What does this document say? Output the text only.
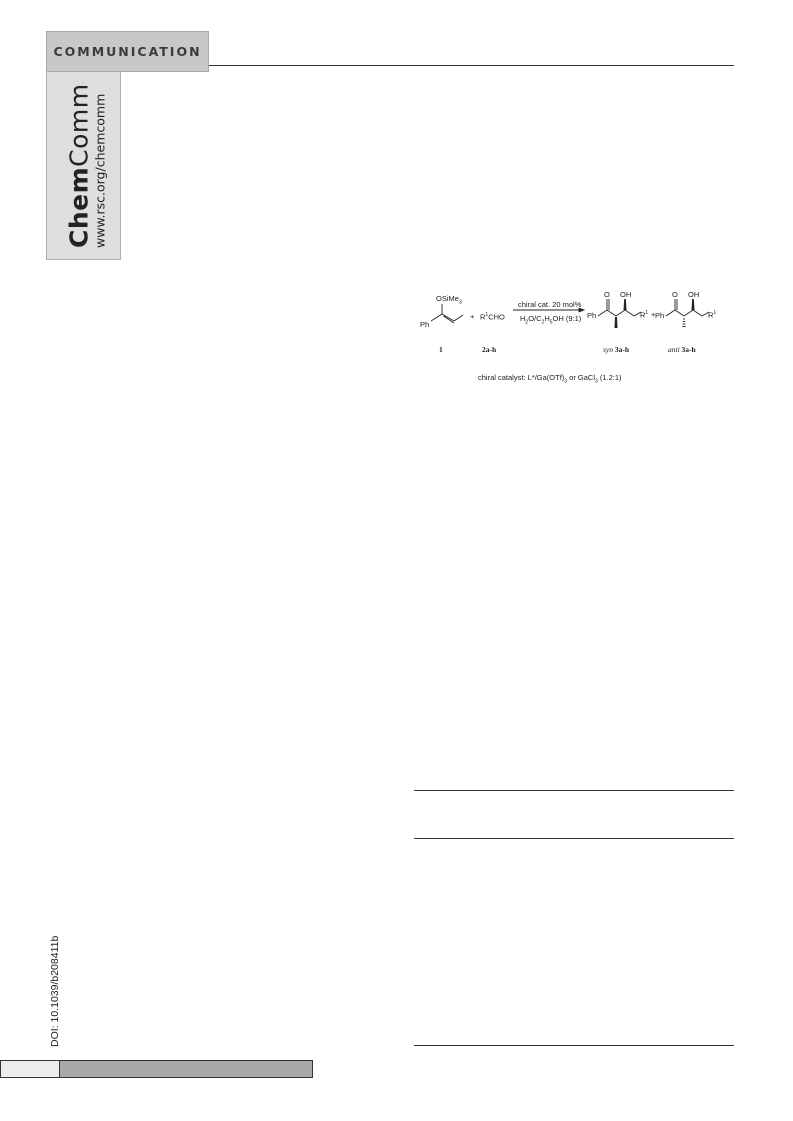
COMMUNICATION
ChemComm www.rsc.org/chemcomm
OSiMe$_3$
Ph
+ $R^1CHO$
chiral cat. 20 mol%
$H_2O/C_2H_5OH$ (9:1) Ph
O OH
$R^1 + Ph$
O OH
$R^1$
1	2a-h	syn 3a-h	anti 3a-h
chiral catalyst: $L*/Ga(OTf)_3$ or GaCl$_3$ (1.2:1)
DOI: 10.1039/b208411b
